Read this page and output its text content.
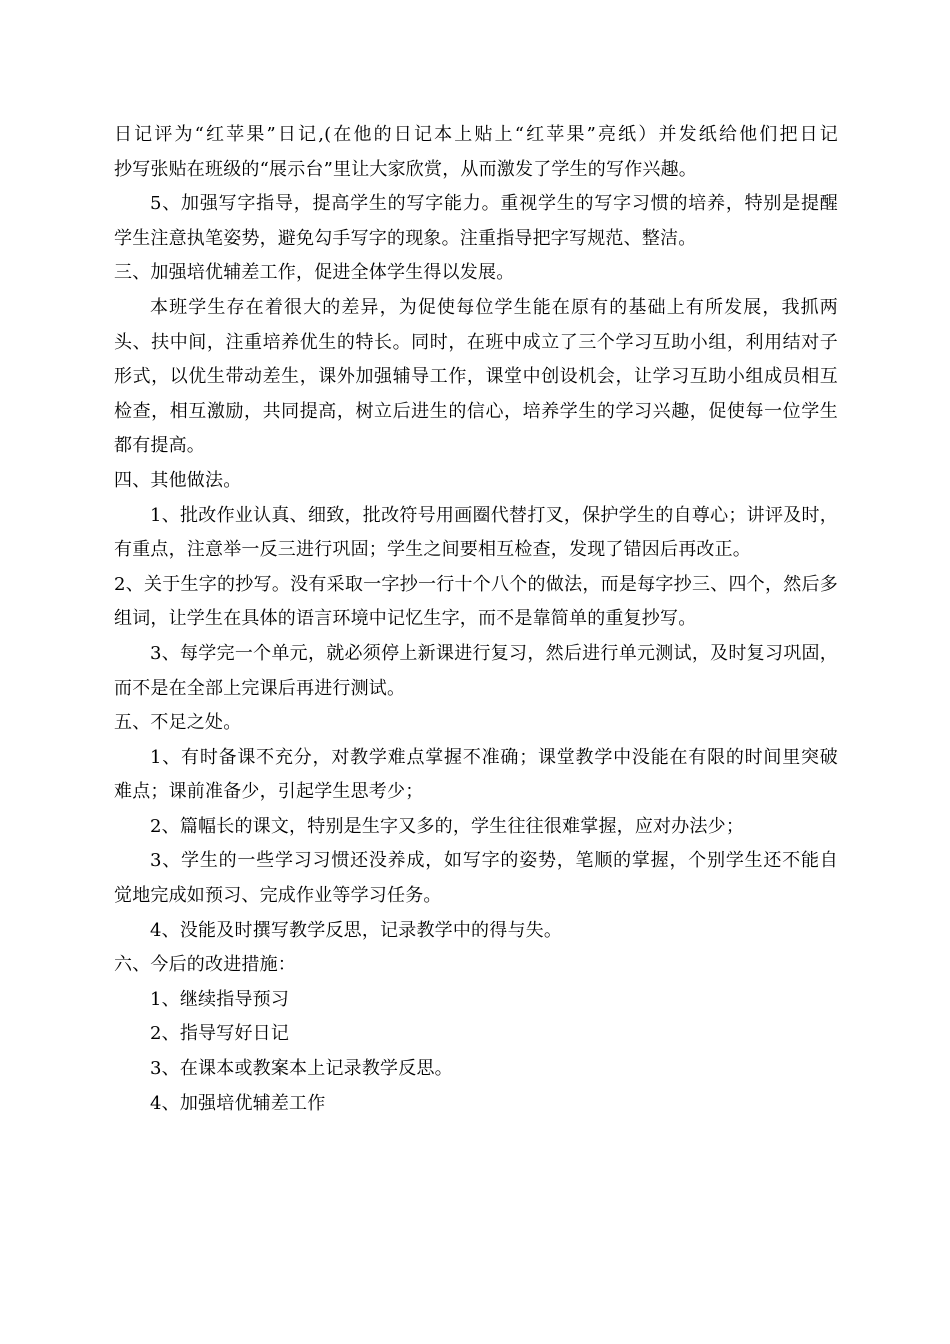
日记评为“红苹果”日记,(在他的日记本上贴上“红苹果”亮纸）并发纸给他们把日记
抄写张贴在班级的“展示台”里让大家欣赏，从而激发了学生的写作兴趣。
5、加强写字指导，提高学生的写字能力。重视学生的写字习惯的培养，特别是提醒
学生注意执笔姿势，避免勾手写字的现象。注重指导把字写规范、整洁。
三、加强培优辅差工作，促进全体学生得以发展。
本班学生存在着很大的差异，为促使每位学生能在原有的基础上有所发展，我抓两
头、扶中间，注重培养优生的特长。同时，在班中成立了三个学习互助小组，利用结对子
形式，以优生带动差生，课外加强辅导工作，课堂中创设机会，让学习互助小组成员相互
检查，相互激励，共同提高，树立后进生的信心，培养学生的学习兴趣，促使每一位学生
都有提高。
四、其他做法。
1、批改作业认真、细致，批改符号用画圈代替打叉，保护学生的自尊心；讲评及时，
有重点，注意举一反三进行巩固；学生之间要相互检查，发现了错因后再改正。
2、关于生字的抄写。没有采取一字抄一行十个八个的做法，而是每字抄三、四个，然后多
组词，让学生在具体的语言环境中记忆生字，而不是靠简单的重复抄写。
3、每学完一个单元，就必须停上新课进行复习，然后进行单元测试，及时复习巩固，
而不是在全部上完课后再进行测试。
五、不足之处。
1、有时备课不充分，对教学难点掌握不准确；课堂教学中没能在有限的时间里突破
难点；课前准备少，引起学生思考少；
2、篇幅长的课文，特别是生字又多的，学生往往很难掌握，应对办法少；
3、学生的一些学习习惯还没养成，如写字的姿势，笔顺的掌握，个别学生还不能自
觉地完成如预习、完成作业等学习任务。
4、没能及时撰写教学反思，记录教学中的得与失。
六、今后的改进措施：
1、继续指导预习
2、指导写好日记
3、在课本或教案本上记录教学反思。
4、加强培优辅差工作
